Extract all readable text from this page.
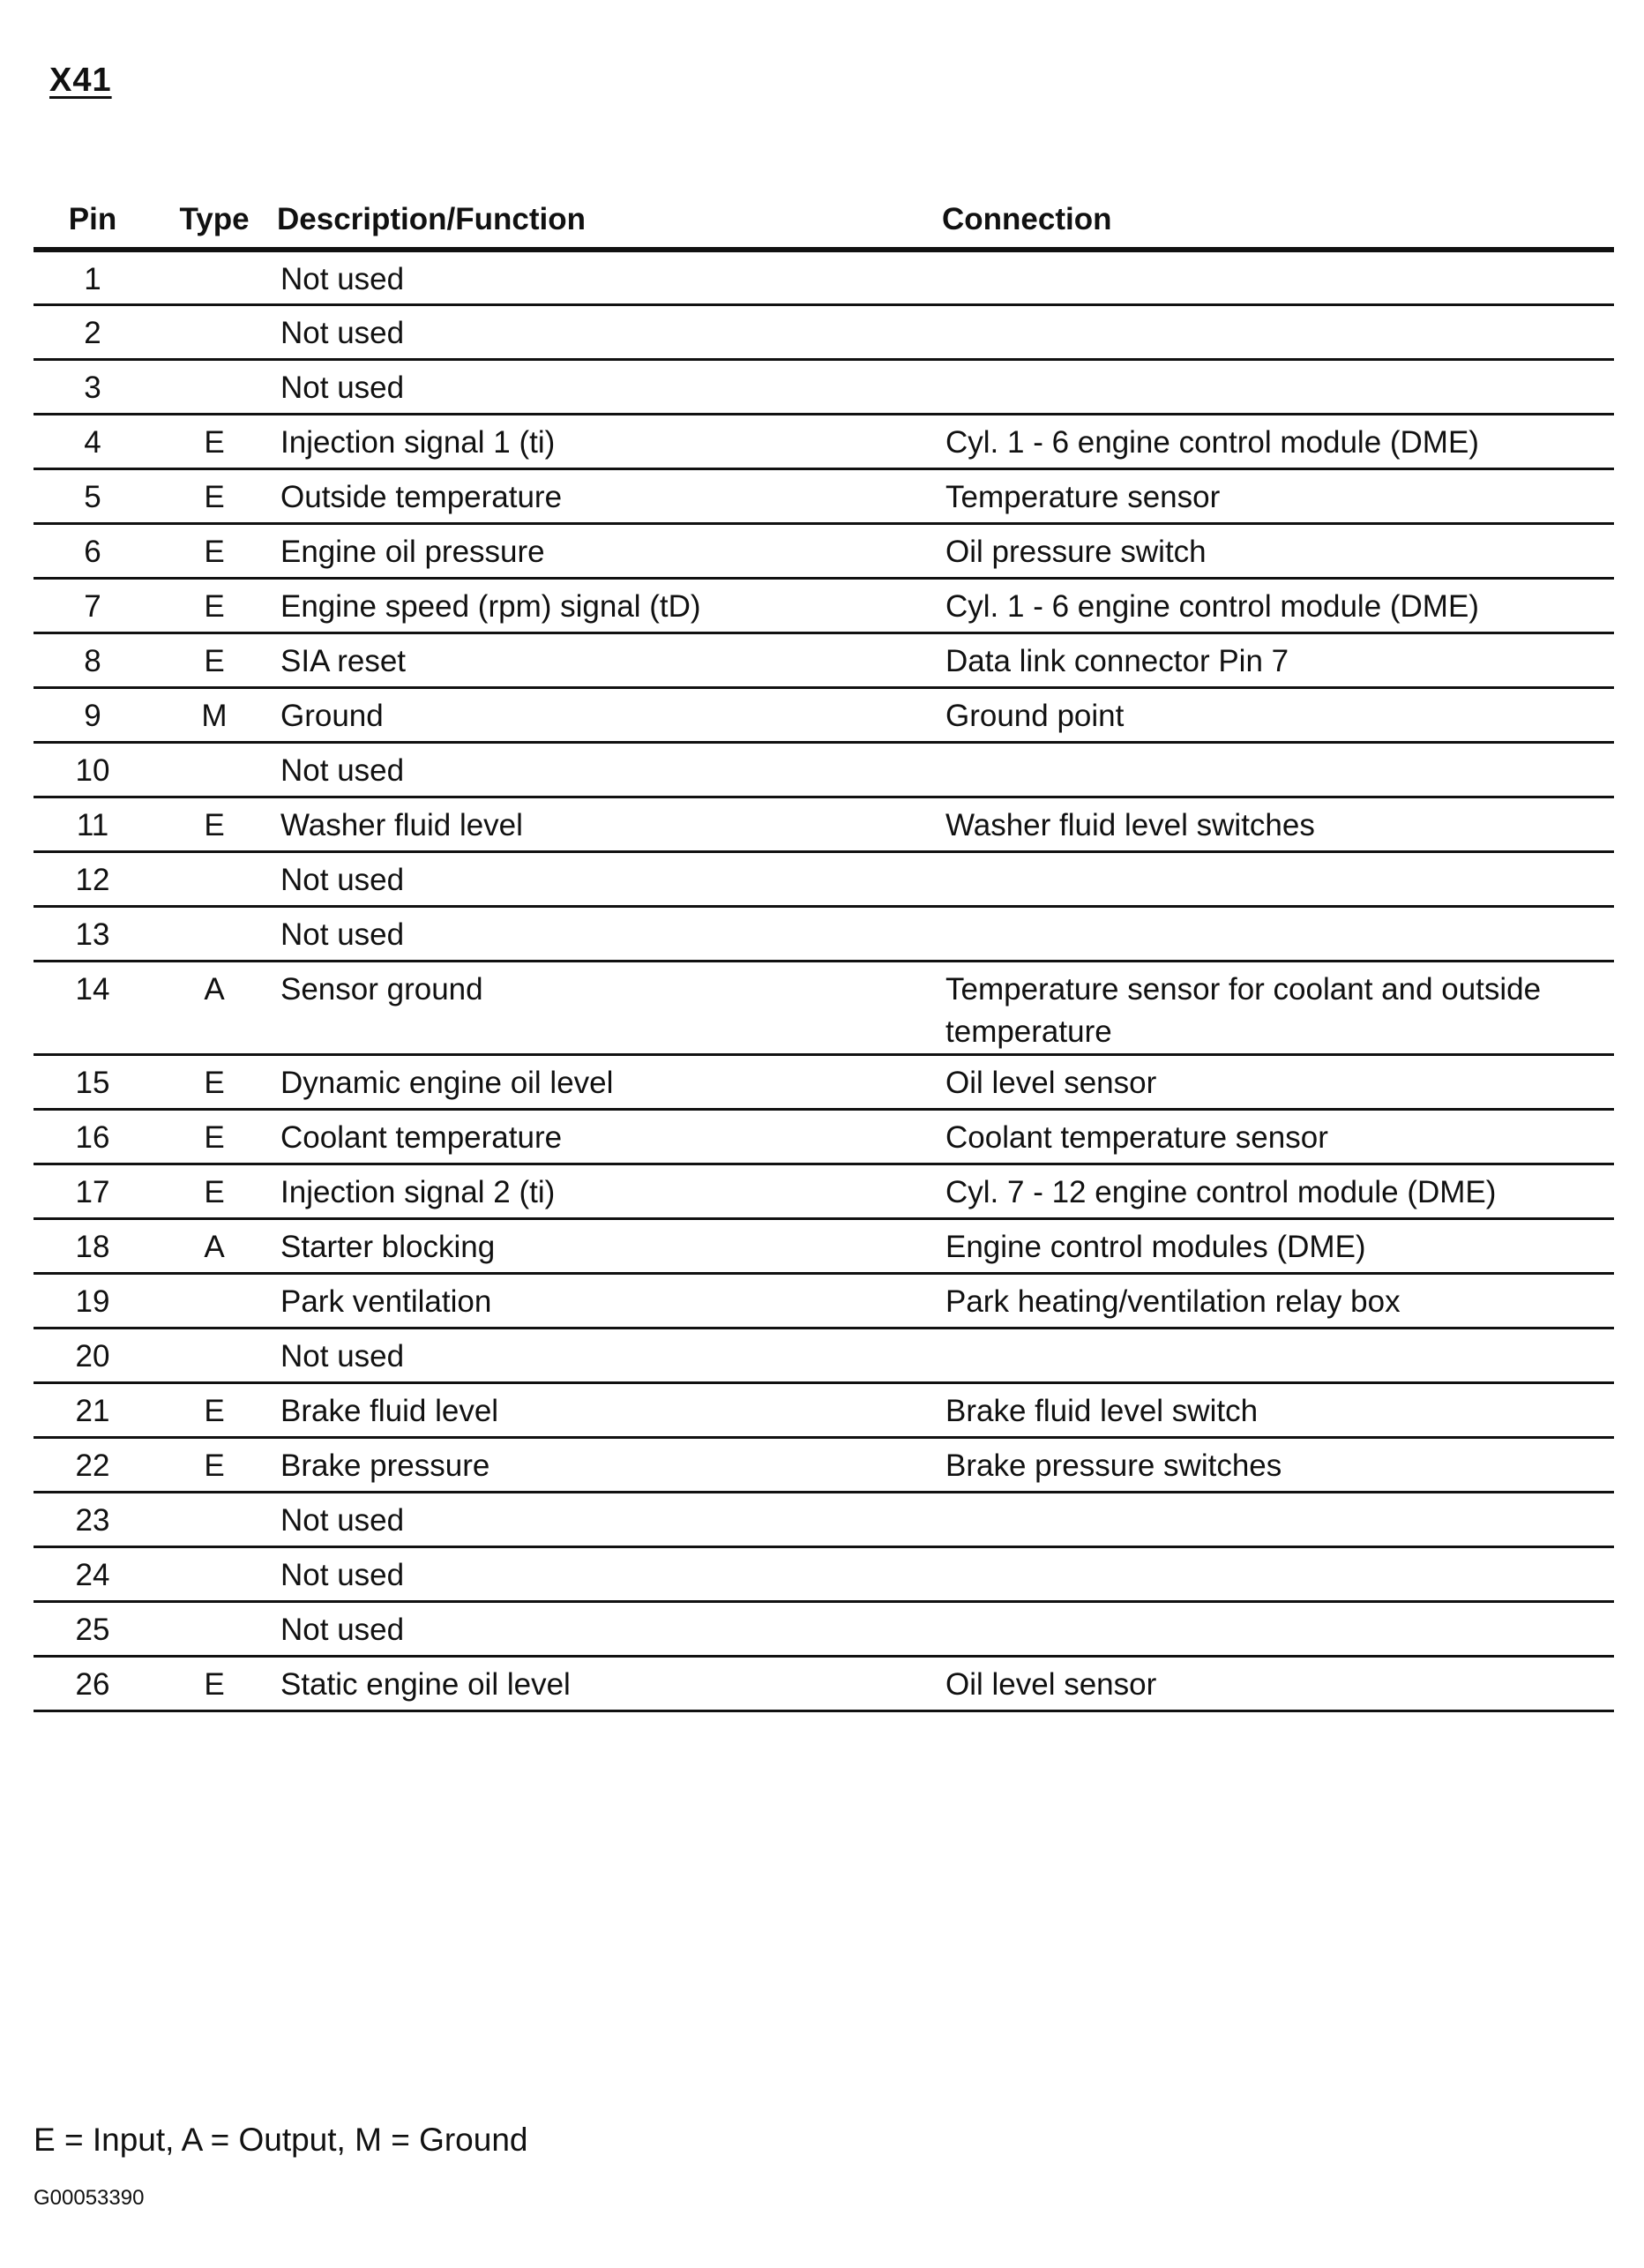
X41
Pin	Type	Description/Function	Connection
1		Not used	
2		Not used	
3		Not used	
4	E	Injection signal 1 (ti)	Cyl. 1 - 6 engine control module (DME)
5	E	Outside temperature	Temperature sensor
6	E	Engine oil pressure	Oil pressure switch
7	E	Engine speed (rpm) signal (tD)	Cyl. 1 - 6 engine control module (DME)
8	E	SIA reset	Data link connector Pin 7
9	M	Ground	Ground point
10		Not used	
11	E	Washer fluid level	Washer fluid level switches
12		Not used	
13		Not used	
14	A	Sensor ground	Temperature sensor for coolant and outside temperature
15	E	Dynamic engine oil level	Oil level sensor
16	E	Coolant temperature	Coolant temperature sensor
17	E	Injection signal 2 (ti)	Cyl. 7 - 12 engine control module (DME)
18	A	Starter blocking	Engine control modules (DME)
19		Park ventilation	Park heating/ventilation relay box
20		Not used	
21	E	Brake fluid level	Brake fluid level switch
22	E	Brake pressure	Brake pressure switches
23		Not used	
24		Not used	
25		Not used	
26	E	Static engine oil level	Oil level sensor
E = Input, A = Output, M = Ground
G00053390
